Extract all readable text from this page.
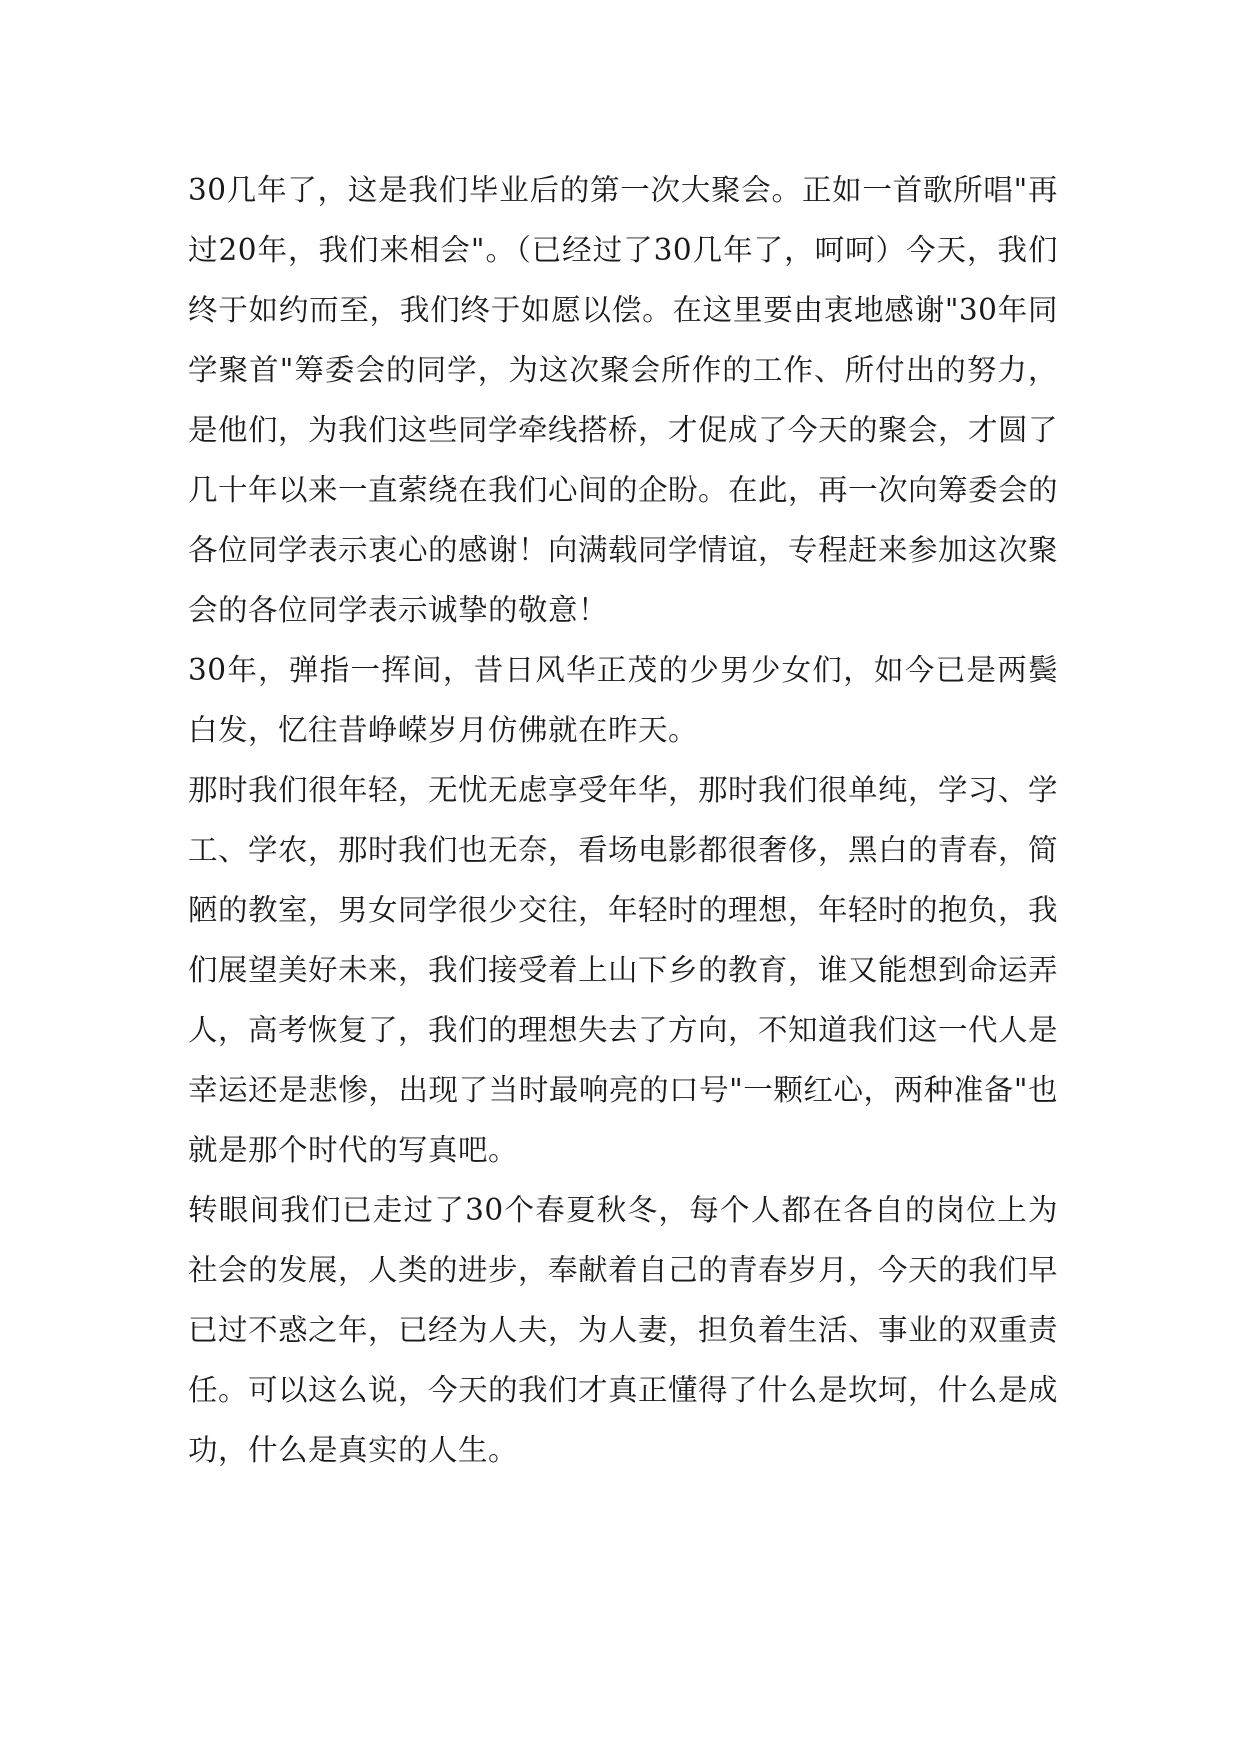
30几年了，这是我们毕业后的第一次大聚会。正如一首歌所唱"再过20年，我们来相会"。（已经过了30几年了，呵呵）今天，我们终于如约而至，我们终于如愿以偿。在这里要由衷地感谢"30年同学聚首"筹委会的同学，为这次聚会所作的工作、所付出的努力，是他们，为我们这些同学牵线搭桥，才促成了今天的聚会，才圆了几十年以来一直萦绕在我们心间的企盼。在此，再一次向筹委会的各位同学表示衷心的感谢！向满载同学情谊，专程赶来参加这次聚会的各位同学表示诚挚的敬意！

30年，弹指一挥间，昔日风华正茂的少男少女们，如今已是两鬓白发，忆往昔峥嵘岁月仿佛就在昨天。

那时我们很年轻，无忧无虑享受年华，那时我们很单纯，学习、学工、学农，那时我们也无奈，看场电影都很奢侈，黑白的青春，简陋的教室，男女同学很少交往，年轻时的理想，年轻时的抱负，我们展望美好未来，我们接受着上山下乡的教育，谁又能想到命运弄人，高考恢复了，我们的理想失去了方向，不知道我们这一代人是幸运还是悲惨，出现了当时最响亮的口号"一颗红心，两种准备"也就是那个时代的写真吧。

转眼间我们已走过了30个春夏秋冬，每个人都在各自的岗位上为社会的发展，人类的进步，奉献着自己的青春岁月，今天的我们早已过不惑之年，已经为人夫，为人妻，担负着生活、事业的双重责任。可以这么说，今天的我们才真正懂得了什么是坎坷，什么是成功，什么是真实的人生。
